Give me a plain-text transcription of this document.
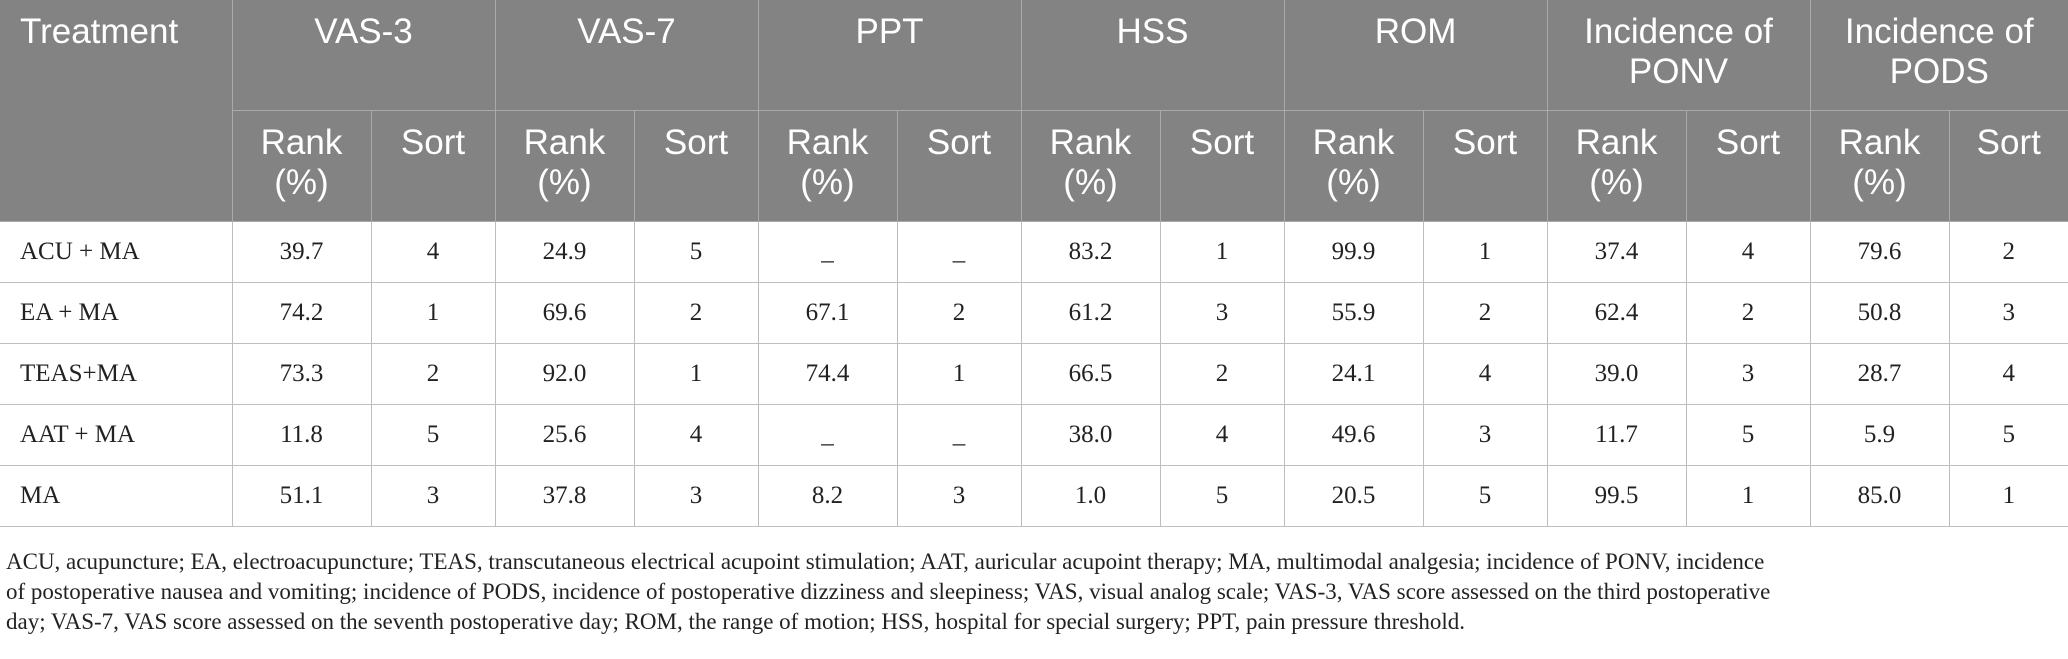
Treatment	VAS-3		VAS-7		PPT		HSS		ROM		Incidence of PONV		Incidence of PODS	
	Rank (%)	Sort	Rank (%)	Sort	Rank (%)	Sort	Rank (%)	Sort	Rank (%)	Sort	Rank (%)	Sort	Rank (%)	Sort
ACU + MA	39.7	4	24.9	5	_	_	83.2	1	99.9	1	37.4	4	79.6	2
EA + MA	74.2	1	69.6	2	67.1	2	61.2	3	55.9	2	62.4	2	50.8	3
TEAS+MA	73.3	2	92.0	1	74.4	1	66.5	2	24.1	4	39.0	3	28.7	4
AAT + MA	11.8	5	25.6	4	_	_	38.0	4	49.6	3	11.7	5	5.9	5
MA	51.1	3	37.8	3	8.2	3	1.0	5	20.5	5	99.5	1	85.0	1
ACU, acupuncture; EA, electroacupuncture; TEAS, transcutaneous electrical acupoint stimulation; AAT, auricular acupoint therapy; MA, multimodal analgesia; incidence of PONV, incidence
of postoperative nausea and vomiting; incidence of PODS, incidence of postoperative dizziness and sleepiness; VAS, visual analog scale; VAS-3, VAS score assessed on the third postoperative
day; VAS-7, VAS score assessed on the seventh postoperative day; ROM, the range of motion; HSS, hospital for special surgery; PPT, pain pressure threshold.
